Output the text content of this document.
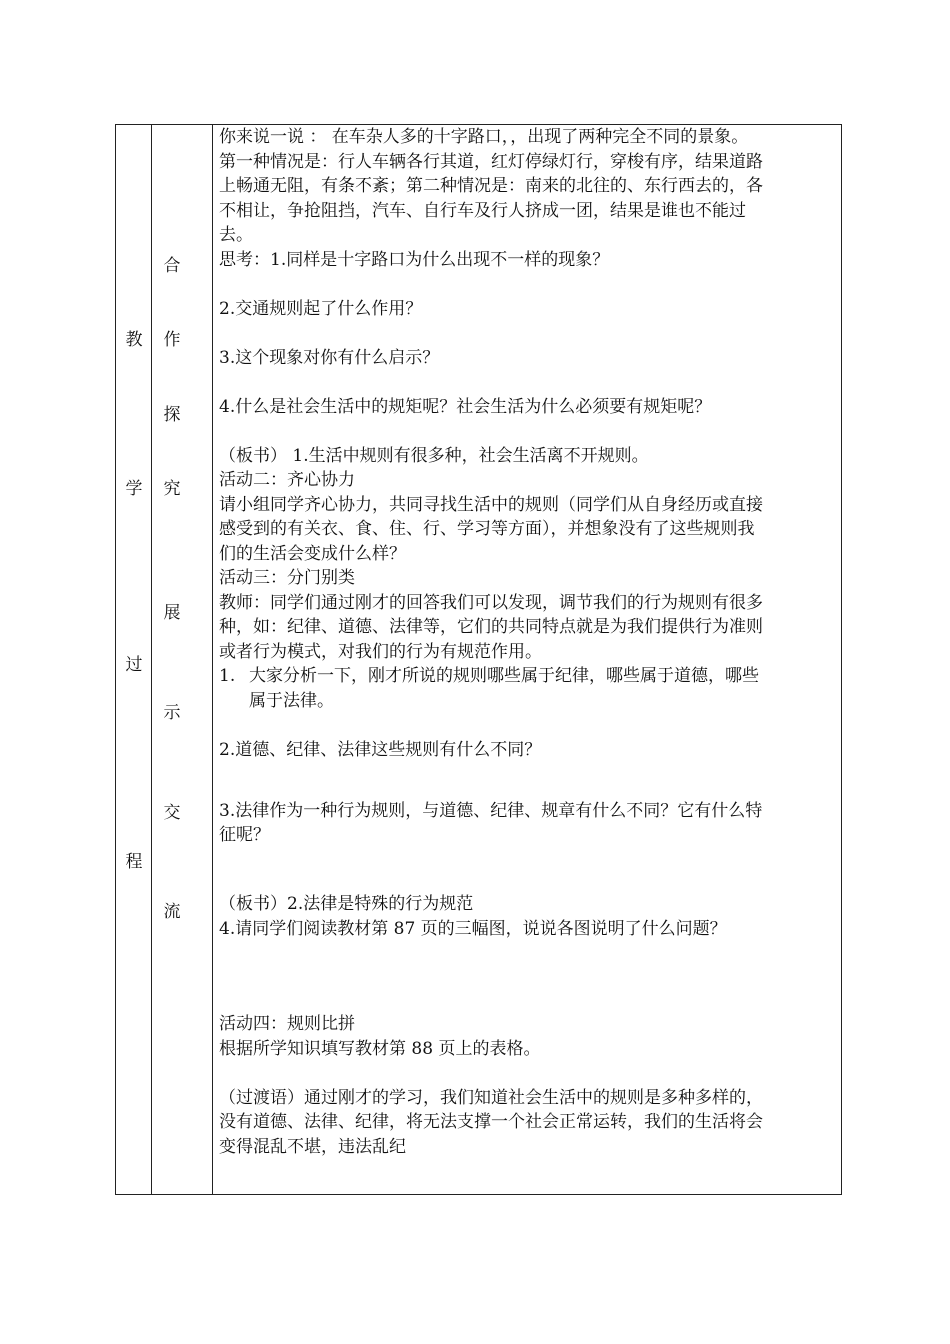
教
学
过
程
合
作
探
究
展
示
交
流
你来说一说 ： 在车杂人多的十字路口，，出现了两种完全不同的景象。
第一种情况是：行人车辆各行其道，红灯停绿灯行，穿梭有序，结果道路
上畅通无阻，有条不紊；第二种情况是：南来的北往的、东行西去的，各
不相让，争抢阻挡，汽车、自行车及行人挤成一团，结果是谁也不能过
去。
思考：1.同样是十字路口为什么出现不一样的现象？
2.交通规则起了什么作用？
3.这个现象对你有什么启示？
4.什么是社会生活中的规矩呢？社会生活为什么必须要有规矩呢？
（板书） 1.生活中规则有很多种，社会生活离不开规则。
活动二：齐心协力
请小组同学齐心协力，共同寻找生活中的规则（同学们从自身经历或直接
感受到的有关衣、食、住、行、学习等方面），并想象没有了这些规则我
们的生活会变成什么样？
活动三：分门别类
教师：同学们通过刚才的回答我们可以发现，调节我们的行为规则有很多
种，如：纪律、道德、法律等，它们的共同特点就是为我们提供行为准则
或者行为模式，对我们的行为有规范作用。
1. 大家分析一下，刚才所说的规则哪些属于纪律，哪些属于道德，哪些
属于法律。
2.道德、纪律、法律这些规则有什么不同？
3.法律作为一种行为规则，与道德、纪律、规章有什么不同？它有什么特
征呢？
（板书）2.法律是特殊的行为规范
4.请同学们阅读教材第 87 页的三幅图，说说各图说明了什么问题？
活动四：规则比拼
根据所学知识填写教材第 88 页上的表格。
（过渡语）通过刚才的学习，我们知道社会生活中的规则是多种多样的，
没有道德、法律、纪律，将无法支撑一个社会正常运转，我们的生活将会
变得混乱不堪，违法乱纪
